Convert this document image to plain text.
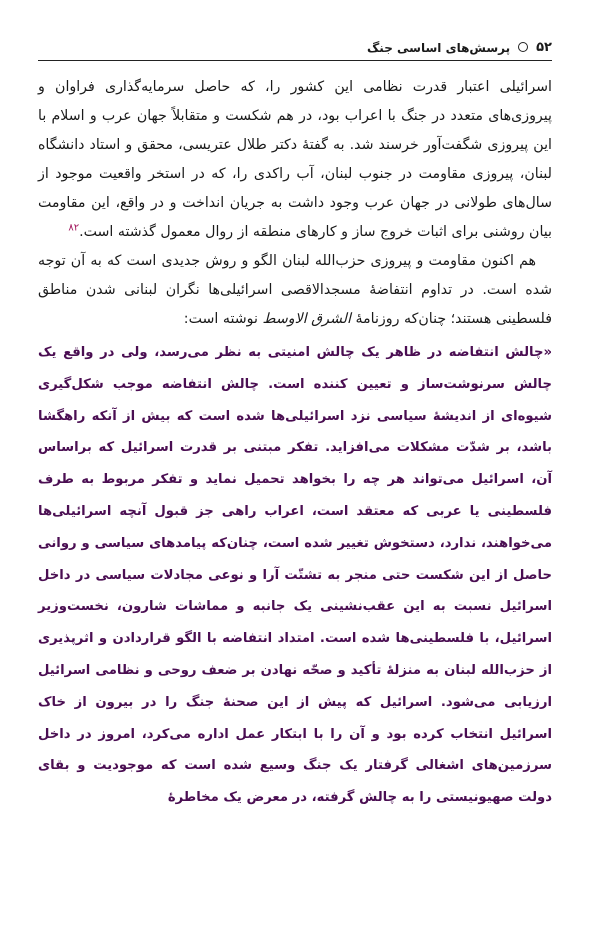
۵۲
پرسش‌های اساسی جنگ

اسرائیلی اعتبار قدرت نظامی این کشور را، که حاصل سرمایه‌گذاری فراوان و پیروزی‌های متعدد در جنگ با اعراب بود، در هم شکست و متقابلاً جهان عرب و اسلام با این پیروزی شگفت‌آور خرسند شد. به گفتهٔ دکتر طلال عتریسی، محقق و استاد دانشگاه لبنان، پیروزی مقاومت در جنوب لبنان، آب راکدی را، که در استخر واقعیت موجود از سال‌های طولانی در جهان عرب وجود داشت به جریان انداخت و در واقع، این مقاومت بیان روشنی برای اثبات خروج ساز و کارهای منطقه از روال معمول گذشته است.$^{۸۲}$

هم اکنون مقاومت و پیروزی حزب‌الله لبنان الگو و روش جدیدی است که به آن توجه شده است. در تداوم انتفاضهٔ مسجدالاقصی اسرائیلی‌ها نگران لبنانی شدن مناطق فلسطینی هستند؛ چنان‌که روزنامهٔ الشرق الاوسط نوشته است:

«چالش انتفاضه در ظاهر یک چالش امنیتی به نظر می‌رسد، ولی در واقع یک چالش سرنوشت‌ساز و تعیین کننده است. چالش انتفاضه موجب شکل‌گیری شیوه‌ای از اندیشهٔ سیاسی نزد اسرائیلی‌ها شده است که بیش از آنکه راهگشا باشد، بر شدّت مشکلات می‌افزاید. تفکر مبتنی بر قدرت اسرائیل که براساس آن، اسرائیل می‌تواند هر چه را بخواهد تحمیل نماید و تفکر مربوط به طرف فلسطینی یا عربی که معتقد است، اعراب راهی جز قبول آنچه اسرائیلی‌ها می‌خواهند، ندارد، دستخوش تغییر شده است، چنان‌که پیامدهای سیاسی و روانی حاصل از این شکست حتی منجر به تشتّت آرا و نوعی مجادلات سیاسی در داخل اسرائیل نسبت به این عقب‌نشینی یک جانبه و مماشات شارون، نخست‌وزیر اسرائیل، با فلسطینی‌ها شده است. امتداد انتفاضه با الگو قراردادن و اثرپذیری از حزب‌الله لبنان به منزلهٔ تأکید و صحّه نهادن بر ضعف روحی و نظامی اسرائیل ارزیابی می‌شود. اسرائیل که پیش از این صحنهٔ جنگ را در بیرون از خاک اسرائیل انتخاب کرده بود و آن را با ابتکار عمل اداره می‌کرد، امروز در داخل سرزمین‌های اشغالی گرفتار یک جنگ وسیع شده است که موجودیت و بقای دولت صهیونیستی را به چالش گرفته، در معرض یک مخاطرهٔ
